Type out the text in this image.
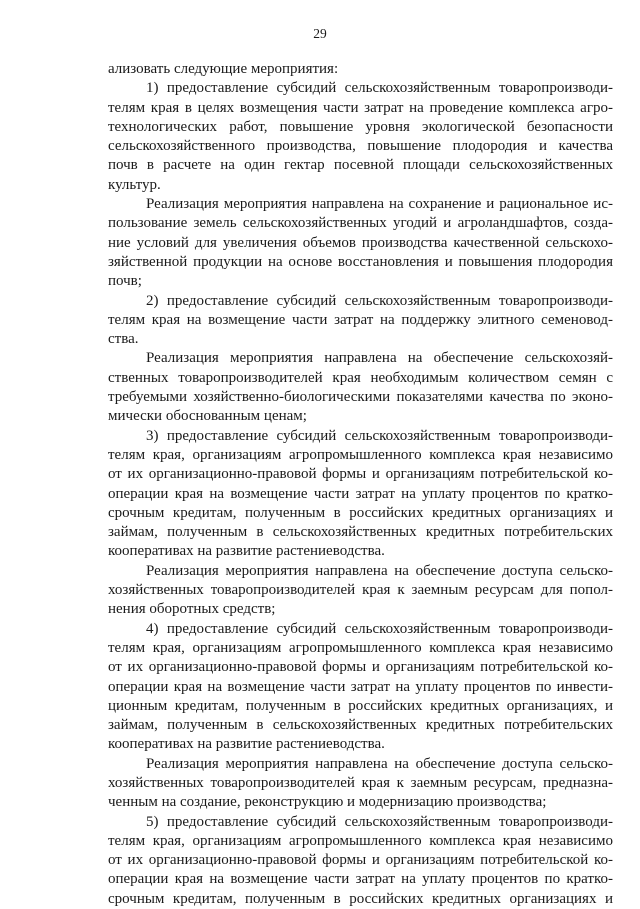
29
ализовать следующие мероприятия:
1) предоставление субсидий сельскохозяйственным товаропроизводи-
телям края в целях возмещения части затрат на проведение комплекса агро-
технологических работ, повышение уровня экологической безопасности
сельскохозяйственного производства, повышение плодородия и качества
почв в расчете на один гектар посевной площади сельскохозяйственных
культур.
Реализация мероприятия направлена на сохранение и рациональное ис-
пользование земель сельскохозяйственных угодий и агроландшафтов, созда-
ние условий для увеличения объемов производства качественной сельскохо-
зяйственной продукции на основе восстановления и повышения плодородия
почв;
2) предоставление субсидий сельскохозяйственным товаропроизводи-
телям края на возмещение части затрат на поддержку элитного семеновод-
ства.
Реализация мероприятия направлена на обеспечение сельскохозяй-
ственных товаропроизводителей края необходимым количеством семян с
требуемыми хозяйственно-биологическими показателями качества по эконо-
мически обоснованным ценам;
3) предоставление субсидий сельскохозяйственным товаропроизводи-
телям края, организациям агропромышленного комплекса края независимо
от их организационно-правовой формы и организациям потребительской ко-
операции края на возмещение части затрат на уплату процентов по кратко-
срочным кредитам, полученным в российских кредитных организациях и
займам, полученным в сельскохозяйственных кредитных потребительских
кооперативах на развитие растениеводства.
Реализация мероприятия направлена на обеспечение доступа сельско-
хозяйственных товаропроизводителей края к заемным ресурсам для попол-
нения оборотных средств;
4) предоставление субсидий сельскохозяйственным товаропроизводи-
телям края, организациям агропромышленного комплекса края независимо
от их организационно-правовой формы и организациям потребительской ко-
операции края на возмещение части затрат на уплату процентов по инвести-
ционным кредитам, полученным в российских кредитных организациях, и
займам, полученным в сельскохозяйственных кредитных потребительских
кооперативах на развитие растениеводства.
Реализация мероприятия направлена на обеспечение доступа сельско-
хозяйственных товаропроизводителей края к заемным ресурсам, предназна-
ченным на создание, реконструкцию и модернизацию производства;
5) предоставление субсидий сельскохозяйственным товаропроизводи-
телям края, организациям агропромышленного комплекса края независимо
от их организационно-правовой формы и организациям потребительской ко-
операции края на возмещение части затрат на уплату процентов по кратко-
срочным кредитам, полученным в российских кредитных организациях и
